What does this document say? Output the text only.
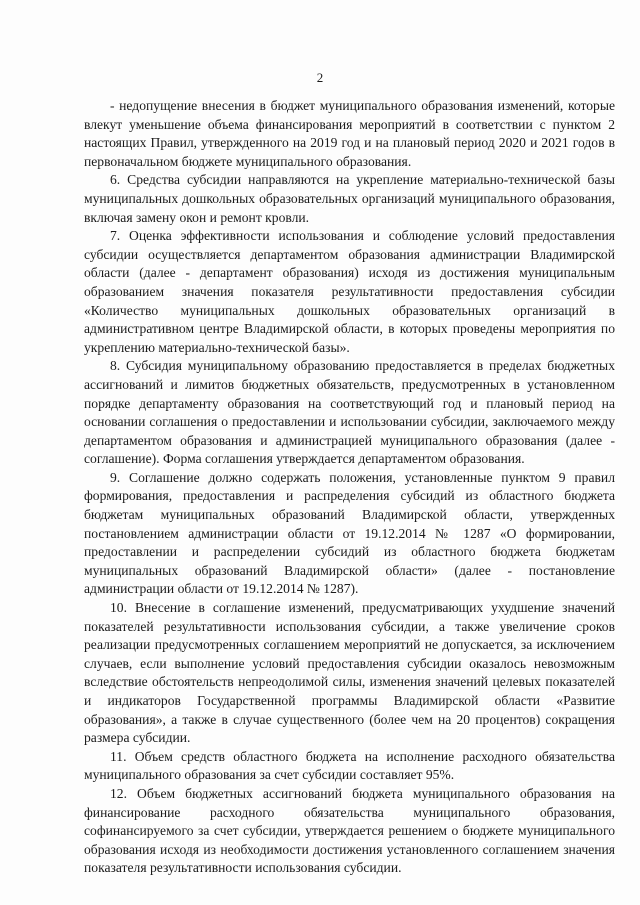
2

- недопущение внесения в бюджет муниципального образования изменений, которые влекут уменьшение объема финансирования мероприятий в соответствии с пунктом 2 настоящих Правил, утвержденного на 2019 год и на плановый период 2020 и 2021 годов в первоначальном бюджете муниципального образования.

6. Средства субсидии направляются на укрепление материально-технической базы муниципальных дошкольных образовательных организаций муниципального образования, включая замену окон и ремонт кровли.

7. Оценка эффективности использования и соблюдение условий предоставления субсидии осуществляется департаментом образования администрации Владимирской области (далее - департамент образования) исходя из достижения муниципальным образованием значения показателя результативности предоставления субсидии «Количество муниципальных дошкольных образовательных организаций в административном центре Владимирской области, в которых проведены мероприятия по укреплению материально-технической базы».

8. Субсидия муниципальному образованию предоставляется в пределах бюджетных ассигнований и лимитов бюджетных обязательств, предусмотренных в установленном порядке департаменту образования на соответствующий год и плановый период на основании соглашения о предоставлении и использовании субсидии, заключаемого между департаментом образования и администрацией муниципального образования (далее - соглашение). Форма соглашения утверждается департаментом образования.

9. Соглашение должно содержать положения, установленные пунктом 9 правил формирования, предоставления и распределения субсидий из областного бюджета бюджетам муниципальных образований Владимирской области, утвержденных постановлением администрации области от 19.12.2014 № 1287 «О формировании, предоставлении и распределении субсидий из областного бюджета бюджетам муниципальных образований Владимирской области» (далее - постановление администрации области от 19.12.2014 № 1287).

10. Внесение в соглашение изменений, предусматривающих ухудшение значений показателей результативности использования субсидии, а также увеличение сроков реализации предусмотренных соглашением мероприятий не допускается, за исключением случаев, если выполнение условий предоставления субсидии оказалось невозможным вследствие обстоятельств непреодолимой силы, изменения значений целевых показателей и индикаторов Государственной программы Владимирской области «Развитие образования», а также в случае существенного (более чем на 20 процентов) сокращения размера субсидии.

11. Объем средств областного бюджета на исполнение расходного обязательства муниципального образования за счет субсидии составляет 95%.

12. Объем бюджетных ассигнований бюджета муниципального образования на финансирование расходного обязательства муниципального образования, софинансируемого за счет субсидии, утверждается решением о бюджете муниципального образования исходя из необходимости достижения установленного соглашением значения показателя результативности использования субсидии.
